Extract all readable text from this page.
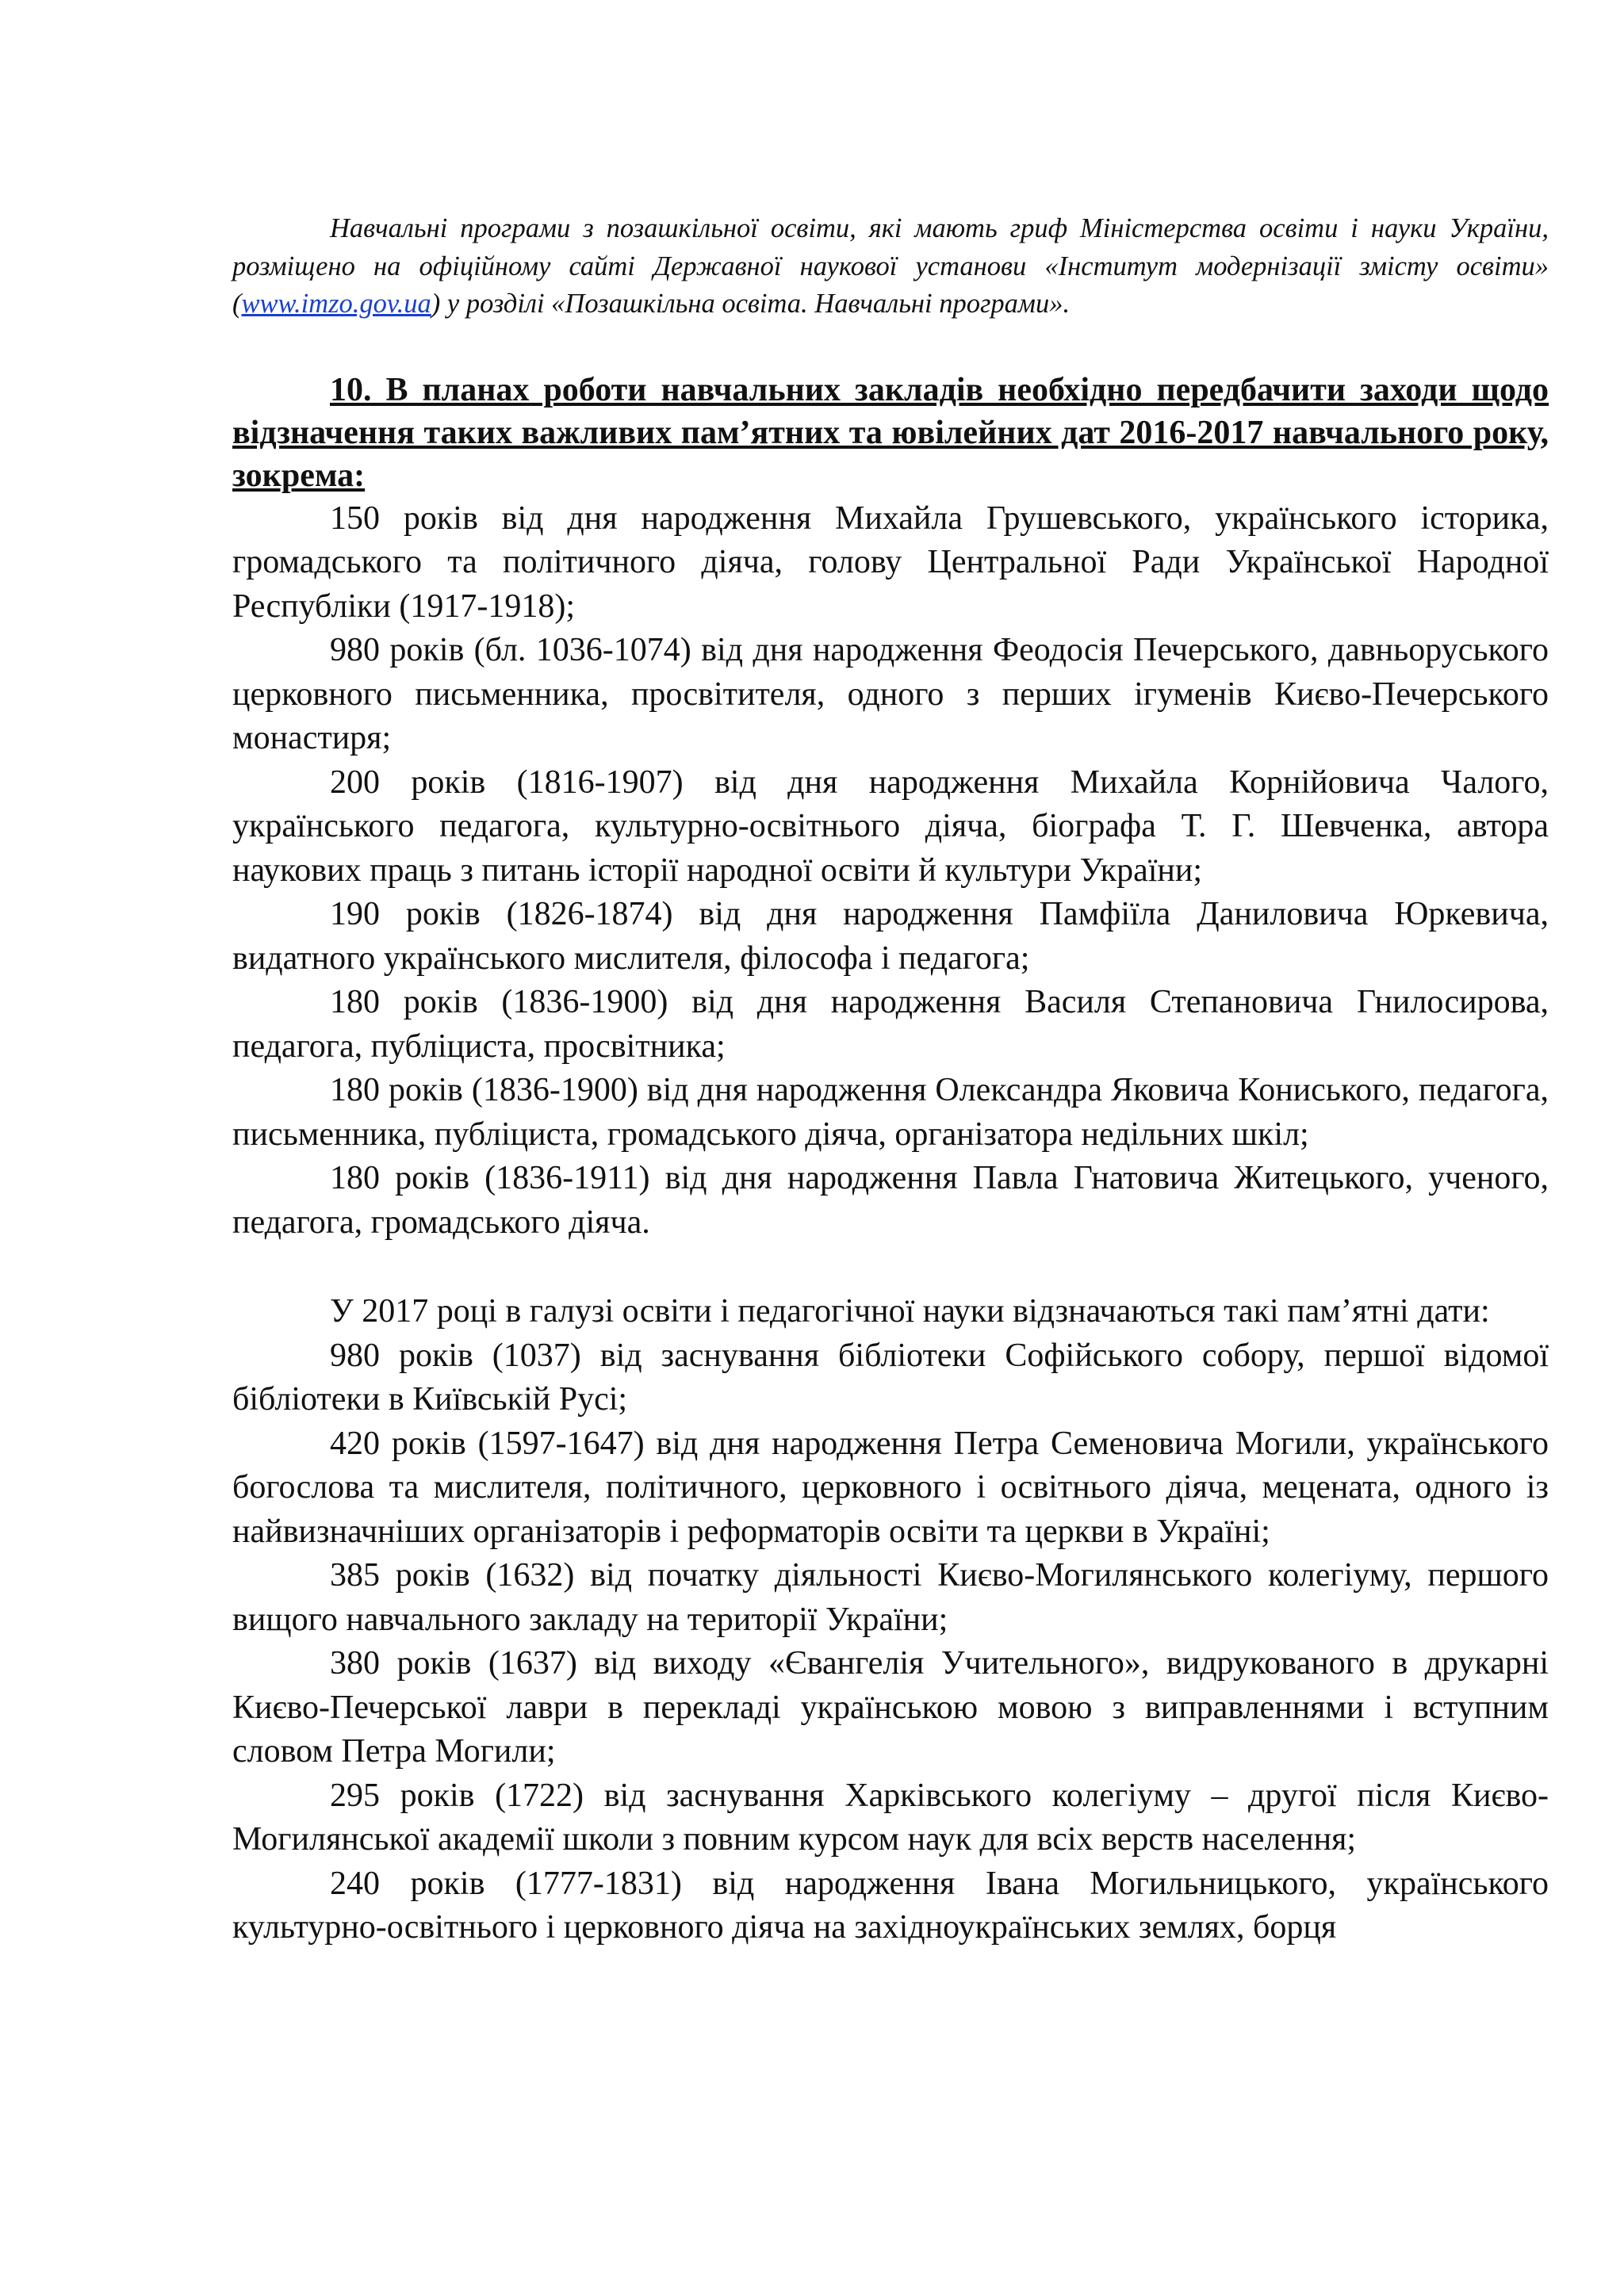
Навчальні програми з позашкільної освіти, які мають гриф Міністерства освіти і науки України, розміщено на офіційному сайті Державної наукової установи «Інститут модернізації змісту освіти» (www.imzo.gov.ua) у розділі «Позашкільна освіта. Навчальні програми».

10. В планах роботи навчальних закладів необхідно передбачити заходи щодо відзначення таких важливих пам’ятних та ювілейних дат 2016-2017 навчального року, зокрема:

150 років від дня народження Михайла Грушевського, українського історика, громадського та політичного діяча, голову Центральної Ради Української Народної Республіки (1917-1918);

980 років (бл. 1036-1074) від дня народження Феодосія Печерського, давньоруського церковного письменника, просвітителя, одного з перших ігуменів Києво-Печерського монастиря;

200 років (1816-1907) від дня народження Михайла Корнійовича Чалого, українського педагога, культурно-освітнього діяча, біографа Т. Г. Шевченка, автора наукових праць з питань історії народної освіти й культури України;

190 років (1826-1874) від дня народження Памфіїла Даниловича Юркевича, видатного українського мислителя, філософа і педагога;

180 років (1836-1900) від дня народження Василя Степановича Гнилосирова, педагога, публіциста, просвітника;

180 років (1836-1900) від дня народження Олександра Яковича Кониського, педагога, письменника, публіциста, громадського діяча, організатора недільних шкіл;

180 років (1836-1911) від дня народження Павла Гнатовича Житецького, ученого, педагога, громадського діяча.

У 2017 році в галузі освіти і педагогічної науки відзначаються такі пам’ятні дати:

980 років (1037) від заснування бібліотеки Софійського собору, першої відомої бібліотеки в Київській Русі;

420 років (1597-1647) від дня народження Петра Семеновича Могили, українського богослова та мислителя, політичного, церковного і освітнього діяча, мецената, одного із найвизначніших організаторів і реформаторів освіти та церкви в Україні;

385 років (1632) від початку діяльності Києво-Могилянського колегіуму, першого вищого навчального закладу на території України;

380 років (1637) від виходу «Євангелія Учительного», видрукованого в друкарні Києво-Печерської лаври в перекладі українською мовою з виправленнями і вступним словом Петра Могили;

295 років (1722) від заснування Харківського колегіуму – другої після Києво-Могилянської академії школи з повним курсом наук для всіх верств населення;

240 років (1777-1831) від народження Івана Могильницького, українського культурно-освітнього і церковного діяча на західноукраїнських землях, борця
